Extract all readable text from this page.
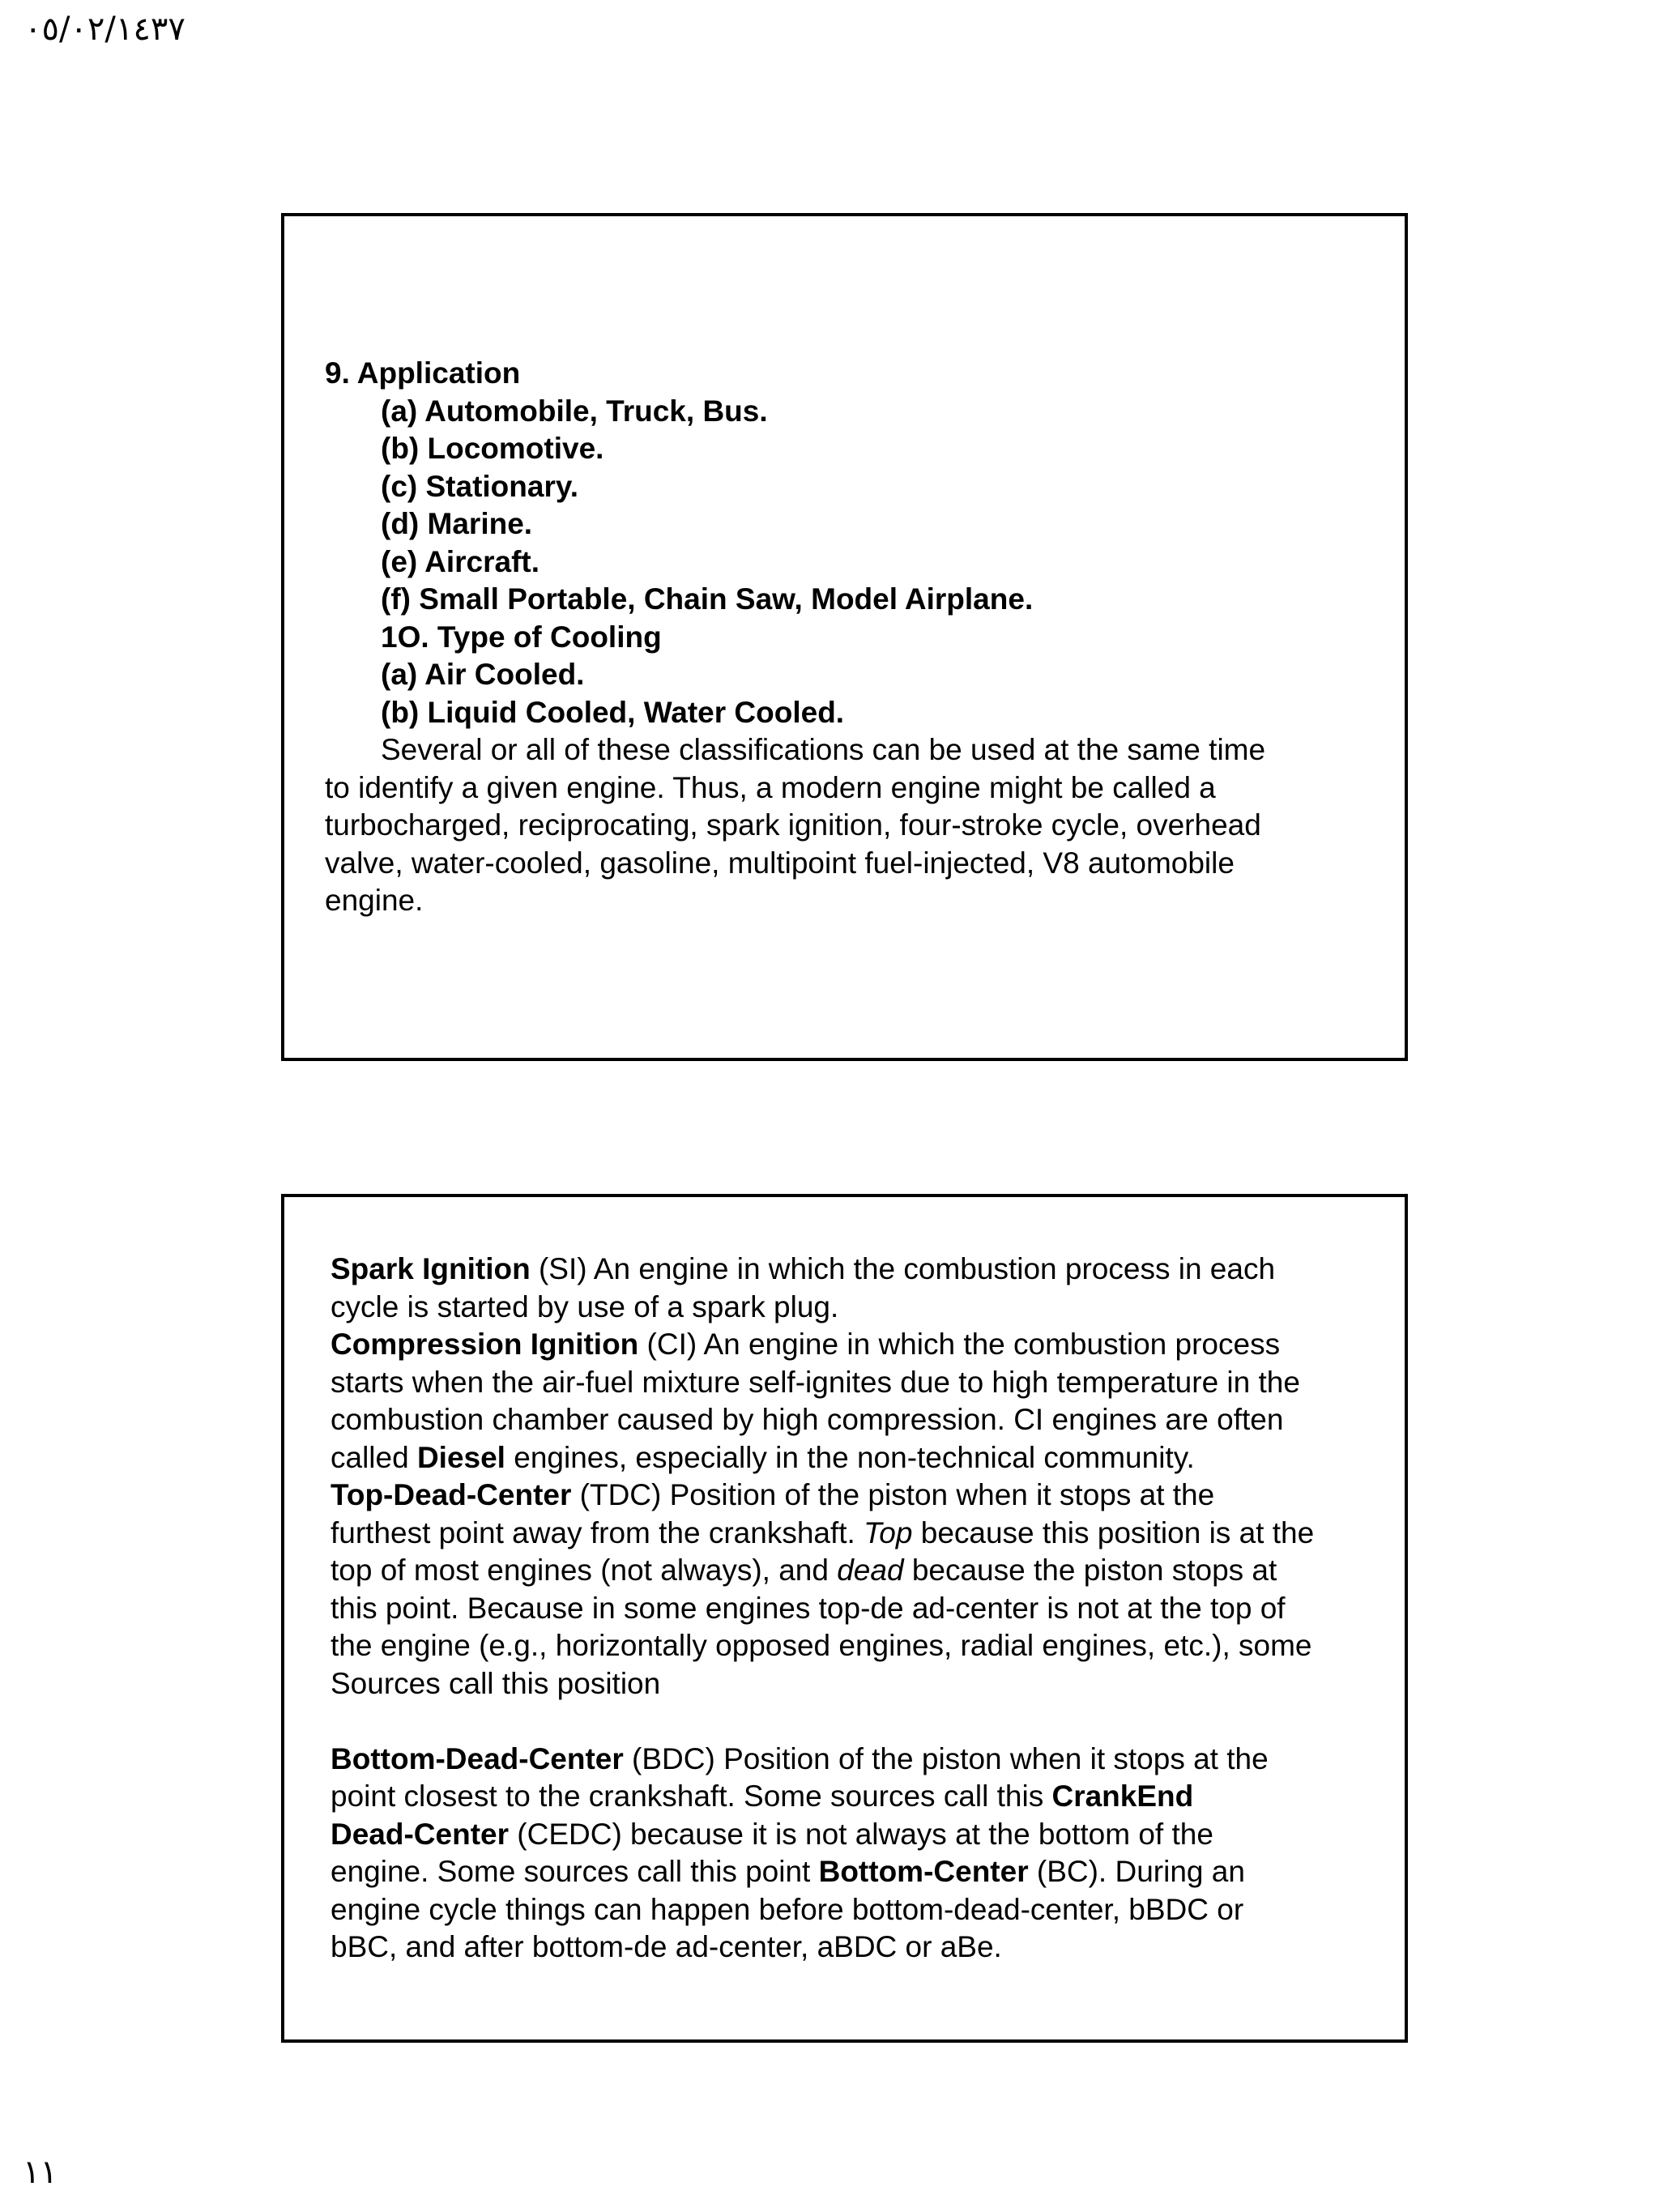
٠٥/٠٢/١٤٣٧
9. Application
(a) Automobile, Truck, Bus.
(b) Locomotive.
(c) Stationary.
(d) Marine.
(e) Aircraft.
(f) Small Portable, Chain Saw, Model Airplane.
1O. Type of Cooling
(a) Air Cooled.
(b) Liquid Cooled, Water Cooled.
Several or all of these classifications can be used at the same time
to identify a given engine. Thus, a modern engine might be called a
turbocharged, reciprocating, spark ignition, four-stroke cycle, overhead
valve, water-cooled, gasoline, multipoint fuel-injected, V8 automobile
engine.
Spark Ignition (SI) An engine in which the combustion process in each
cycle is started by use of a spark plug.
Compression Ignition (CI) An engine in which the combustion process
starts when the air-fuel mixture self-ignites due to high temperature in the
combustion chamber caused by high compression. CI engines are often
called Diesel engines, especially in the non-technical community.
Top-Dead-Center (TDC) Position of the piston when it stops at the
furthest point away from the crankshaft. Top because this position is at the
top of most engines (not always), and dead because the piston stops at
this point. Because in some engines top-de ad-center is not at the top of
the engine (e.g., horizontally opposed engines, radial engines, etc.), some
Sources call this position
Bottom-Dead-Center (BDC) Position of the piston when it stops at the
point closest to the crankshaft. Some sources call this CrankEnd
Dead-Center (CEDC) because it is not always at the bottom of the
engine. Some sources call this point Bottom-Center (BC). During an
engine cycle things can happen before bottom-dead-center, bBDC or
bBC, and after bottom-de ad-center, aBDC or aBe.
١١
